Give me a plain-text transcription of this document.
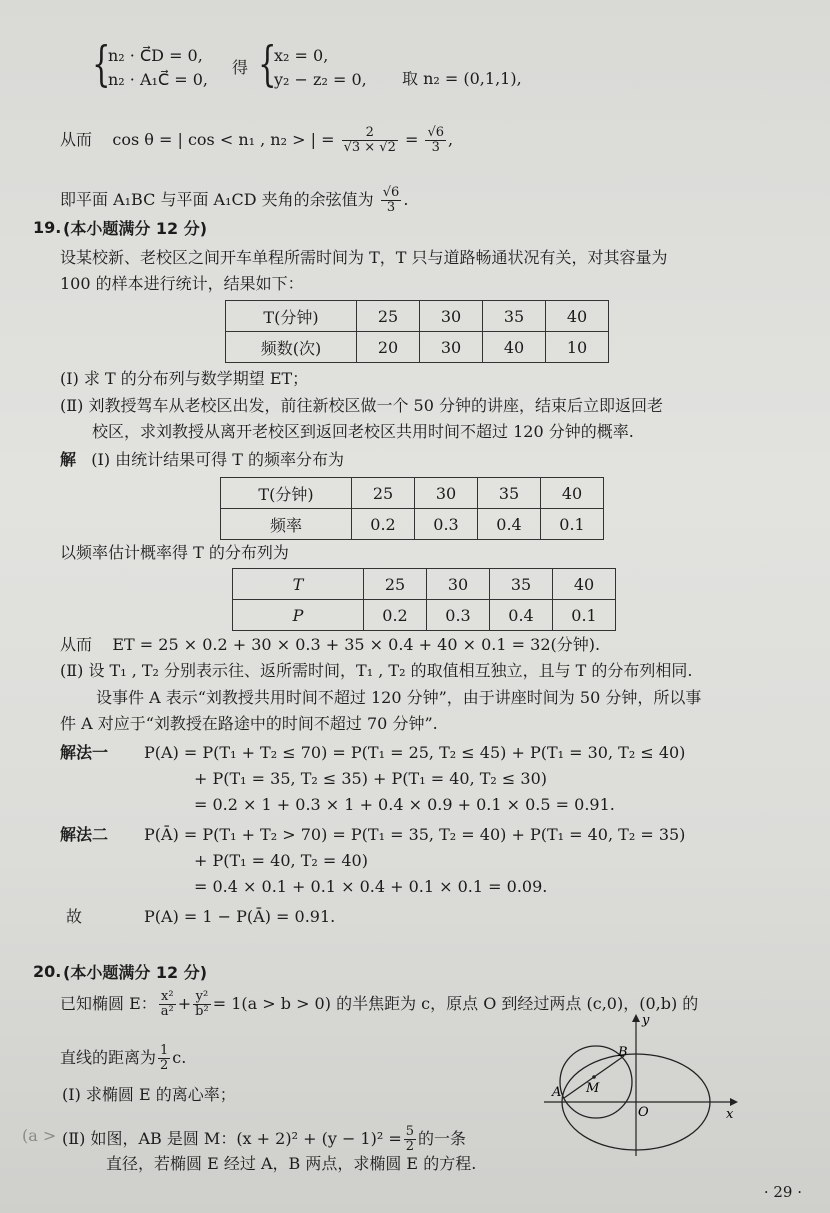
{
n₂ · C⃗D = 0,
n₂ · A₁C⃗ = 0,
得 {
x₂ = 0,
y₂ − z₂ = 0, 取 n₂ = (0,1,1),
从而 cos θ = | cos < n₁ , n₂ > | = $\frac{2}{√3 \times √2} = \frac{√6}{3}$ ,
即平面 A₁BC 与平面 A₁CD 夹角的余弦值为 $\frac{√6}{3}$ .
19. (本小题满分 12 分)
设某校新、老校区之间开车单程所需时间为 T，T 只与道路畅通状况有关，对其容量为
100 的样本进行统计，结果如下：
T(分钟)	25	30	35	40
频数(次)	20	30	40	10
(Ⅰ) 求 T 的分布列与数学期望 ET；
(Ⅱ) 刘教授驾车从老校区出发，前往新校区做一个 50 分钟的讲座，结束后立即返回老
校区，求刘教授从离开老校区到返回老校区共用时间不超过 120 分钟的概率.
解 (Ⅰ) 由统计结果可得 T 的频率分布为
T(分钟)	25	30	35	40
频率	0.2	0.3	0.4	0.1
以频率估计概率得 T 的分布列为
T	25	30	35	40
P	0.2	0.3	0.4	0.1
从而 ET = 25 × 0.2 + 30 × 0.3 + 35 × 0.4 + 40 × 0.1 = 32(分钟).
(Ⅱ) 设 T₁ , T₂ 分别表示往、返所需时间，T₁ , T₂ 的取值相互独立，且与 T 的分布列相同.
设事件 A 表示“刘教授共用时间不超过 120 分钟”，由于讲座时间为 50 分钟，所以事
件 A 对应于“刘教授在路途中的时间不超过 70 分钟”.
解法一 P(A) = P(T₁ + T₂ ≤ 70) = P(T₁ = 25, T₂ ≤ 45) + P(T₁ = 30, T₂ ≤ 40)
+ P(T₁ = 35, T₂ ≤ 35) + P(T₁ = 40, T₂ ≤ 30)
= 0.2 × 1 + 0.3 × 1 + 0.4 × 0.9 + 0.1 × 0.5 = 0.91.
解法二 P(Ā) = P(T₁ + T₂ > 70) = P(T₁ = 35, T₂ = 40) + P(T₁ = 40, T₂ = 35)
+ P(T₁ = 40, T₂ = 40)
= 0.4 × 0.1 + 0.1 × 0.4 + 0.1 × 0.1 = 0.09.
故	P(A) = 1 − P(Ā) = 0.91.
20. (本小题满分 12 分)
已知椭圆 E： $\frac{\text{x²}}{\text{a²}} + \frac{\text{y²}}{\text{b²}} = 1(a > b > 0)$ 的半焦距为 c，原点 O 到经过两点 (c,0)，(0,b) 的
直线的距离为 $\frac{1}{2} c$.
(Ⅰ) 求椭圆 E 的离心率；
(a > (Ⅱ) 如图，AB 是圆 M：$(x + 2)^2 + (y - 1)^2 = \frac{5}{2}$ 的一条
直径，若椭圆 E 经过 A，B 两点，求椭圆 E 的方程.
y
x
B
A M
O
· 29 ·
